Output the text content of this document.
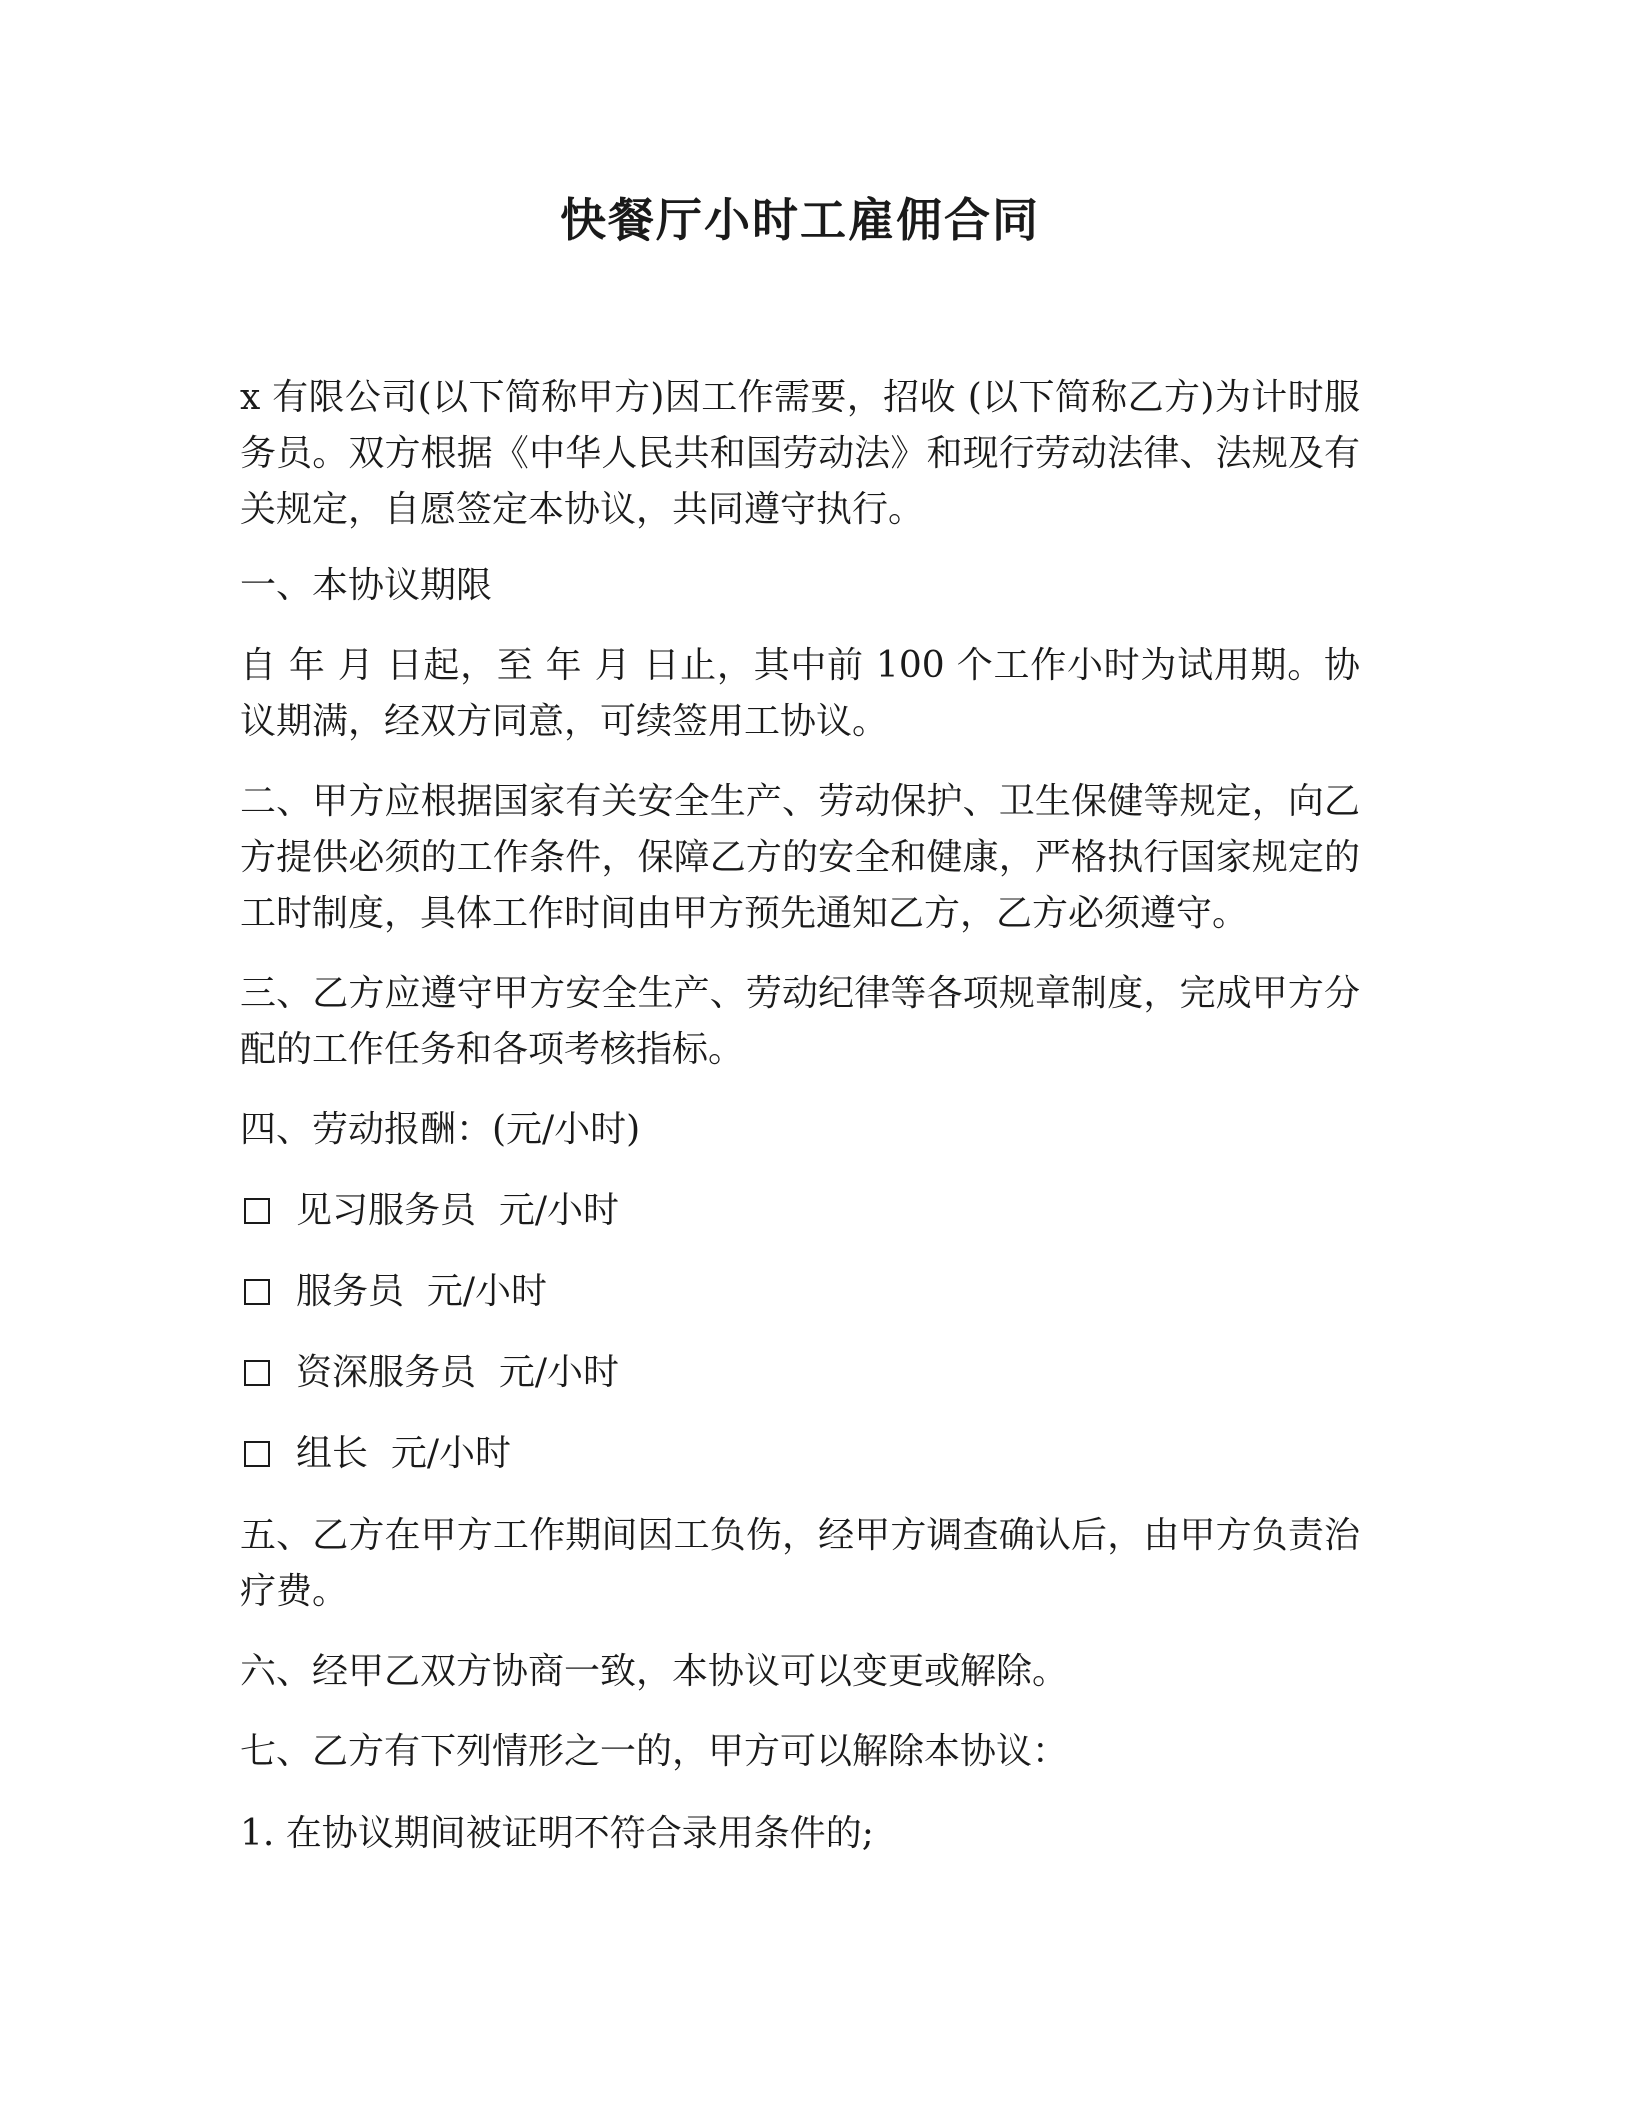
快餐厅小时工雇佣合同

x 有限公司(以下简称甲方)因工作需要，招收 (以下简称乙方)为计时服务员。双方根据《中华人民共和国劳动法》和现行劳动法律、法规及有关规定，自愿签定本协议，共同遵守执行。

一、本协议期限

自 年 月 日起，至 年 月 日止，其中前 100 个工作小时为试用期。协议期满，经双方同意，可续签用工协议。

二、甲方应根据国家有关安全生产、劳动保护、卫生保健等规定，向乙方提供必须的工作条件，保障乙方的安全和健康，严格执行国家规定的工时制度，具体工作时间由甲方预先通知乙方，乙方必须遵守。

三、乙方应遵守甲方安全生产、劳动纪律等各项规章制度，完成甲方分配的工作任务和各项考核指标。

四、劳动报酬：(元/小时)

见习服务员  元/小时
服务员  元/小时
资深服务员  元/小时
组长  元/小时

五、乙方在甲方工作期间因工负伤，经甲方调查确认后，由甲方负责治疗费。

六、经甲乙双方协商一致，本协议可以变更或解除。

七、乙方有下列情形之一的，甲方可以解除本协议：

1. 在协议期间被证明不符合录用条件的;
